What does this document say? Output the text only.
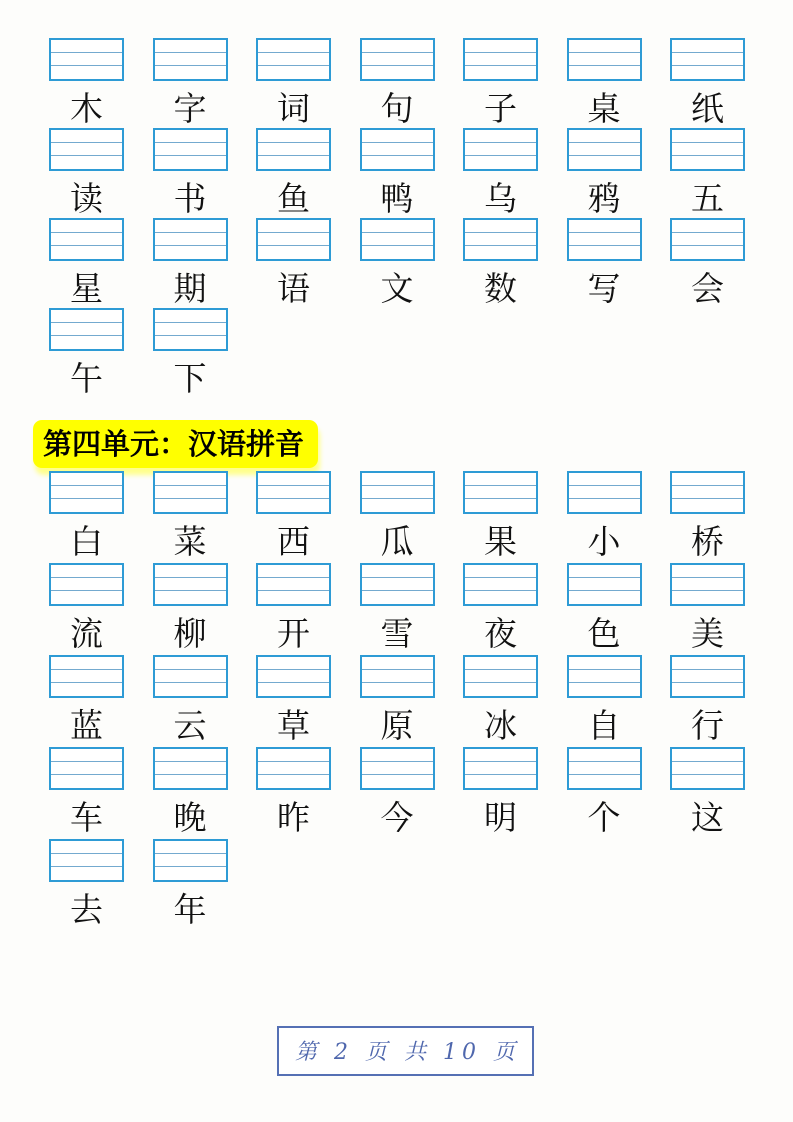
木	字	词	句	子	桌	纸
读	书	鱼	鸭	乌	鸦	五
星	期	语	文	数	写	会
午	下
第四单元：汉语拼音
白	菜	西	瓜	果	小	桥
流	柳	开	雪	夜	色	美
蓝	云	草	原	冰	自	行
车	晚	昨	今	明	个	这
去	年
第 2 页 共 10 页
